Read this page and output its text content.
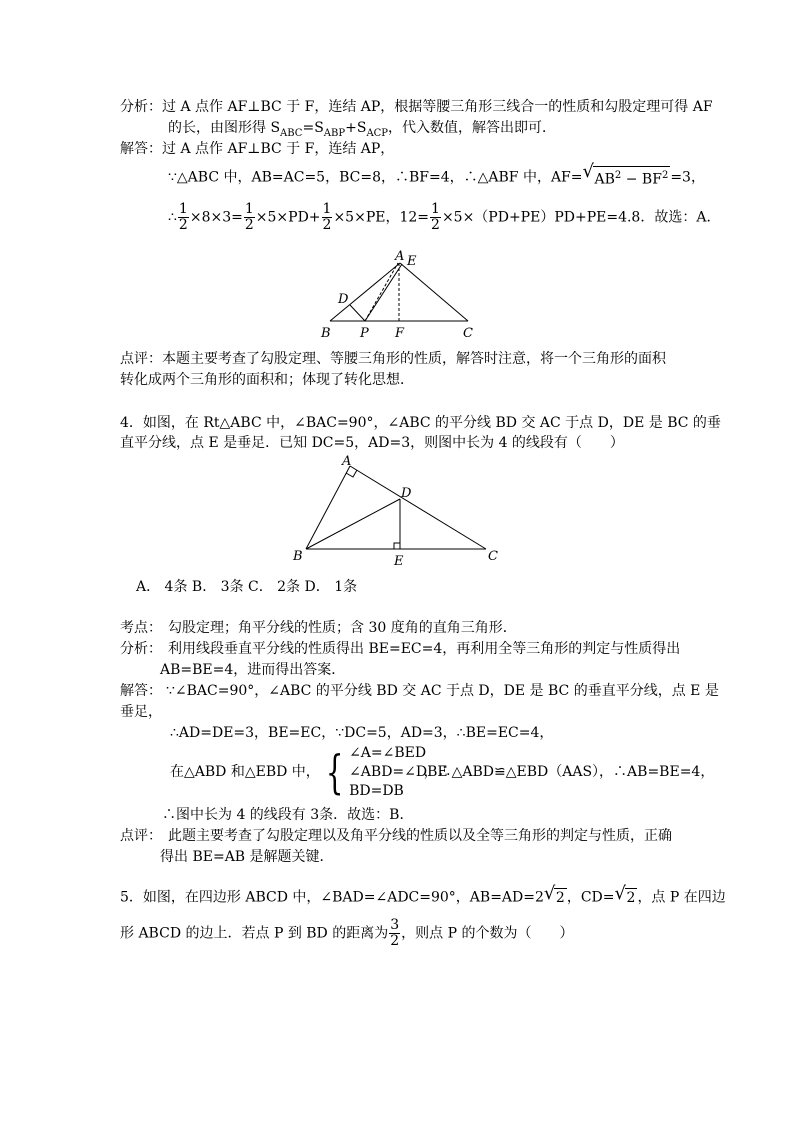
分析：过 A 点作 AF⊥BC 于 F，连结 AP，根据等腰三角形三线合一的性质和勾股定理可得 AF
的长，由图形得 $S_{ABC}=S_{ABP}+S_{ACP}$，代入数值，解答出即可．
解答：过 A 点作 AF⊥BC 于 F，连结 AP，
∵△ABC 中，AB=AC=5，BC=8，∴BF=4，∴△ABF 中，AF= √ $AB^2 - BF^2 =3$，
∴ $\frac{1}{2} \times 8\times 3= \frac{1}{2} \times 5\times PD+ \frac{1}{2} \times 5\times PE$，$12= \frac{1}{2} \times 5\times(PD+PE)PD+PE=4.8$．故选：A．
A E
D
B P F	C
点评：本题主要考查了勾股定理、等腰三角形的性质，解答时注意，将一个三角形的面积
转化成两个三角形的面积和；体现了转化思想．
4．如图，在 Rt△ABC 中，∠BAC=90°，∠ABC 的平分线 BD 交 AC 于点 D，DE 是 BC 的垂
直平分线，点 E 是垂足．已知 DC=5，AD=3，则图中长为 4 的线段有（　　）
A
D
B	E	C
A． 4条 B． 3条 C． 2条 D． 1条
考点： 勾股定理；角平分线的性质；含 30 度角的直角三角形．
分析： 利用线段垂直平分线的性质得出 BE=EC=4，再利用全等三角形的判定与性质得出
AB=BE=4，进而得出答案．
解答： ∵∠BAC=90°，∠ABC 的平分线 BD 交 AC 于点 D，DE 是 BC 的垂直平分线，点 E 是
垂足，
∴AD=DE=3，BE=EC，∵DC=5，AD=3，∴BE=EC=4，
在△ABD 和△EBD 中， { ∠A=∠BED
∠ABD=∠DBE
BD=DB
，∴△ABD≌△EBD（AAS），∴AB=BE=4，
∴图中长为 4 的线段有 3条．故选：B．
点评： 此题主要考查了勾股定理以及角平分线的性质以及全等三角形的判定与性质，正确
得出 BE=AB 是解题关键．
5．如图，在四边形 ABCD 中，∠BAD=∠ADC=90°，AB=AD=2 √ 2 ，CD= √ 2 ，点 P 在四边
形 ABCD 的边上．若点 P 到 BD 的距离为 $\frac{3}{2}$ ，则点 P 的个数为（　　）
